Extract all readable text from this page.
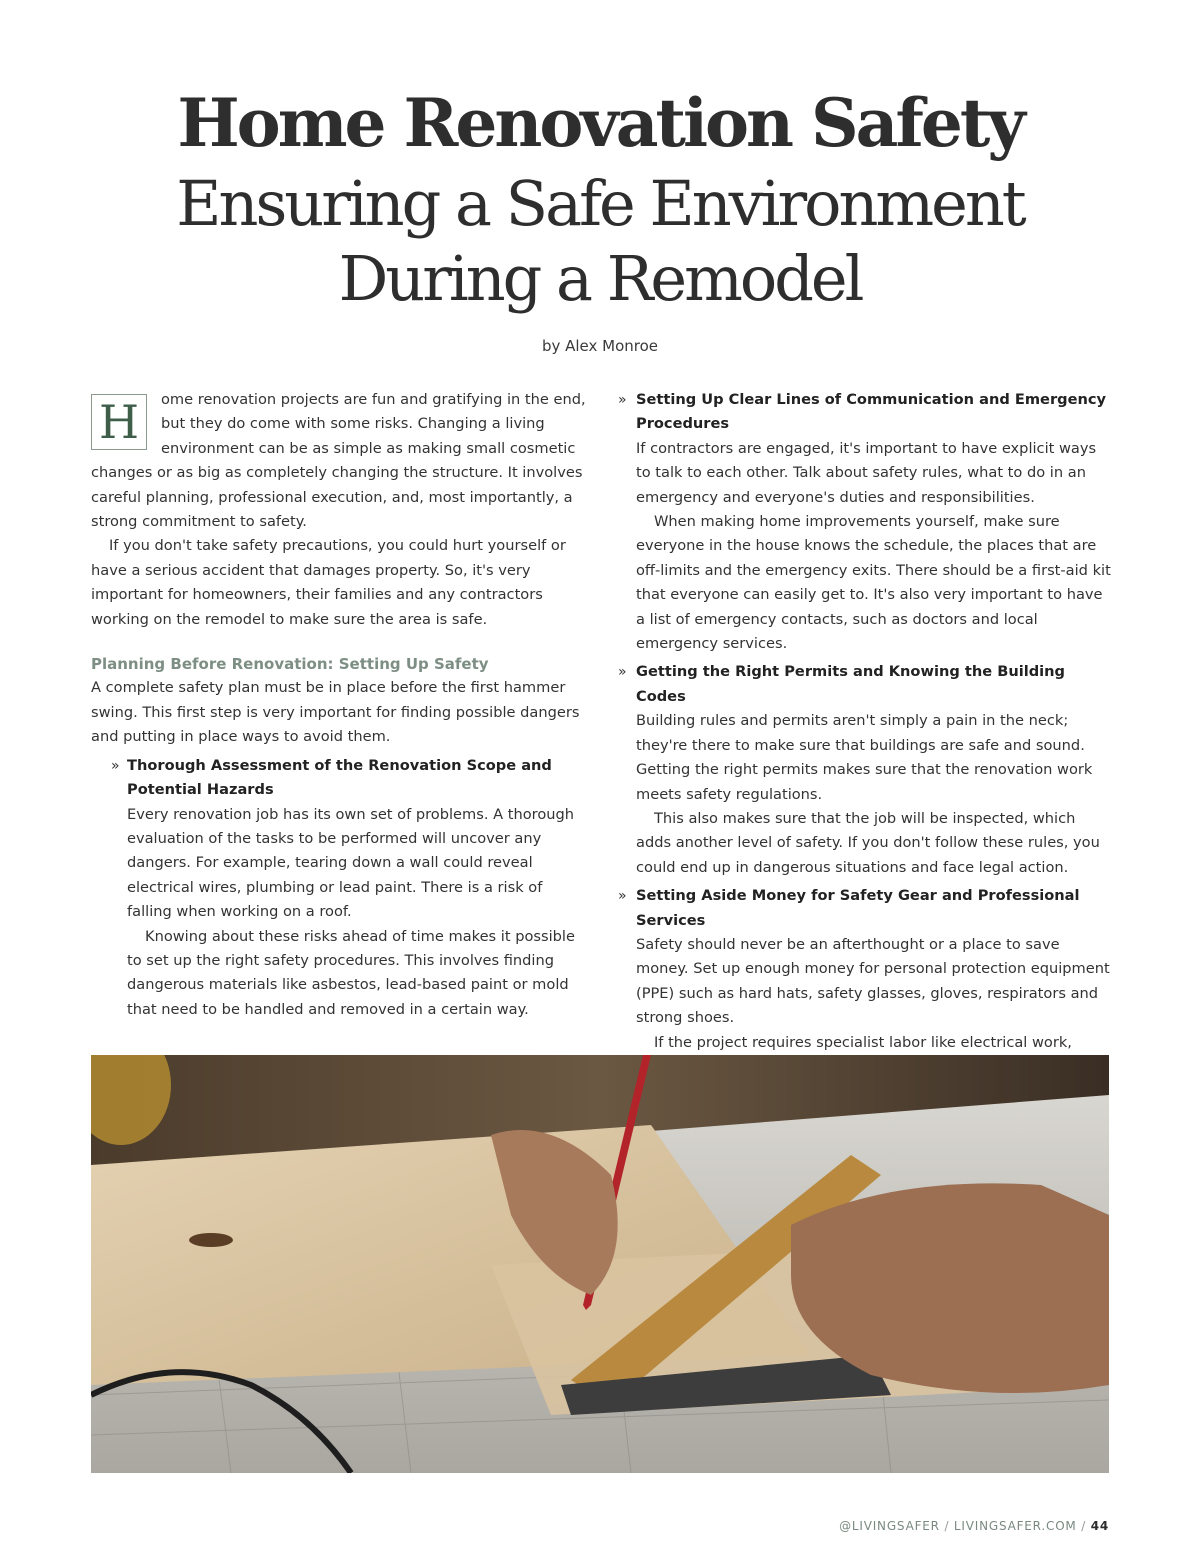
Home Renovation Safety
Ensuring a Safe Environment
During a Remodel
by Alex Monroe

H	ome renovation projects are fun and gratifying in the end, but they do come with some risks. Changing a living environment can be as simple as making small cosmetic changes or as big as completely changing the structure. It involves careful planning, professional execution, and, most importantly, a strong commitment to safety.

If you don't take safety precautions, you could hurt yourself or have a serious accident that damages property. So, it's very important for homeowners, their families and any contractors working on the remodel to make sure the area is safe.

Planning Before Renovation: Setting Up Safety

A complete safety plan must be in place before the first hammer swing. This first step is very important for finding possible dangers and putting in place ways to avoid them.

» Thorough Assessment of the Renovation Scope and Potential Hazards

Every renovation job has its own set of problems. A thorough evaluation of the tasks to be performed will uncover any dangers. For example, tearing down a wall could reveal electrical wires, plumbing or lead paint. There is a risk of falling when working on a roof.

Knowing about these risks ahead of time makes it possible to set up the right safety procedures. This involves finding dangerous materials like asbestos, lead-based paint or mold that need to be handled and removed in a certain way.

» Setting Up Clear Lines of Communication and Emergency Procedures

If contractors are engaged, it's important to have explicit ways to talk to each other. Talk about safety rules, what to do in an emergency and everyone's duties and responsibilities.

When making home improvements yourself, make sure everyone in the house knows the schedule, the places that are off-limits and the emergency exits. There should be a first-aid kit that everyone can easily get to. It's also very important to have a list of emergency contacts, such as doctors and local emergency services.

» Getting the Right Permits and Knowing the Building Codes

Building rules and permits aren't simply a pain in the neck; they're there to make sure that buildings are safe and sound. Getting the right permits makes sure that the renovation work meets safety regulations.

This also makes sure that the job will be inspected, which adds another level of safety. If you don't follow these rules, you could end up in dangerous situations and face legal action.

» Setting Aside Money for Safety Gear and Professional Services

Safety should never be an afterthought or a place to save money. Set up enough money for personal protection equipment (PPE) such as hard hats, safety glasses, gloves, respirators and strong shoes.

If the project requires specialist labor like electrical work,

@LIVINGSAFER / LIVINGSAFER.COM / 44
